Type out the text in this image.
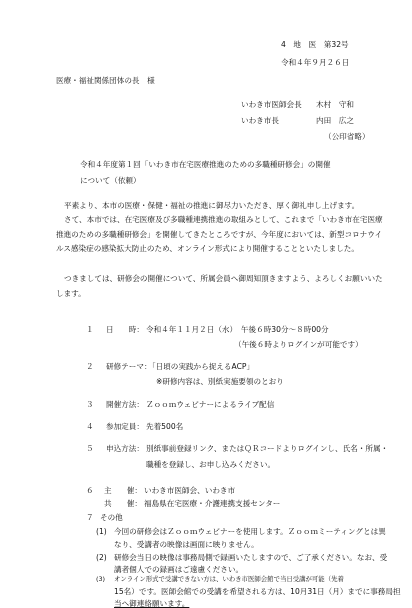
4　地　医　第32号
令和４年９月２６日
医療・福祉関係団体の長　様
いわき市医師会長 木村　守和
いわき市長	内田　広之
（公印省略）
令和４年度第１回「いわき市在宅医療推進のための多職種研修会」の開催
について（依頼）
平素より、本市の医療・保健・福祉の推進に御尽力いただき、厚く御礼申し上げます。
さて、本市では、在宅医療及び多職種連携推進の取組みとして、これまで「いわき市在宅医療推進のための多職種研修会」を開催してきたところですが、今年度においては、新型コロナウイルス感染症の感染拡大防止のため、オンライン形式により開催することといたしました。
つきましては、研修会の開催について、所属会員へ御周知頂きますよう、よろしくお願いいたします。
１ 日　　時： 令和４年１１月２日（水）　午後６時30分～８時00分
（午後６時よりログインが可能です）
２ 研修テーマ：
「日頃の実践から捉えるACP」
※研修内容は、別紙実施要領のとおり
３ 開催方法： Ｚｏｏｍウェビナーによるライブ配信
４ 参加定員： 先着500名
５ 申込方法： 別紙事前登録リンク、またはＱＲコードよりログインし、氏名・所属・
職種を登録し、お申し込みください。
６ 主　　催： いわき市医師会、いわき市
共　　催： 福島県在宅医療・介護連携支援センター
７ その他
(1) 今回の研修会はＺｏｏｍウェビナーを使用します。Ｚｏｏｍミーティングとは異
なり、受講者の映像は画面に映りません。
(2) 研修会当日の映像は事務局側で録画いたしますので、ご了承ください。なお、受
講者個人での録画はご遠慮ください。
(3) オンライン形式で受講できない方は、いわき市医師会館で当日受講が可能（先着
15名）です。医師会館での受講を希望される方は、10月31日（月）までに事務局担
当へ御連絡願います。
